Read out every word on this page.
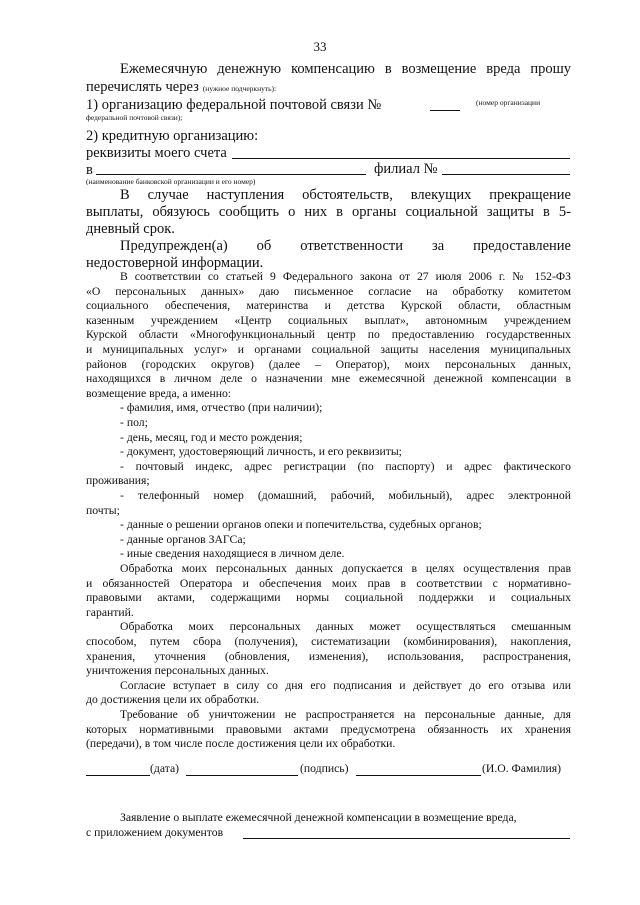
33
Ежемесячную денежную компенсацию в возмещение вреда прошу
перечислять через (нужное подчеркнуть):
1) организацию федеральной почтовой связи №	(номер организации
федеральной почтовой связи);
2) кредитную организацию:
реквизиты моего счета
в	филиал №
(наименование банковской организации и его номер)
В случае наступления обстоятельств, влекущих прекращение
выплаты, обязуюсь сообщить о них в органы социальной защиты в 5-
дневный срок.
Предупрежден(а) об ответственности за предоставление
недостоверной информации.
В соответствии со статьей 9 Федерального закона от 27 июля 2006 г. № 152-ФЗ
«О персональных данных» даю письменное согласие на обработку комитетом
социального обеспечения, материнства и детства Курской области, областным
казенным учреждением «Центр социальных выплат», автономным учреждением
Курской области «Многофункциональный центр по предоставлению государственных
и муниципальных услуг» и органами социальной защиты населения муниципальных
районов (городских округов) (далее – Оператор), моих персональных данных,
находящихся в личном деле о назначении мне ежемесячной денежной компенсации в
возмещение вреда, а именно:
- фамилия, имя, отчество (при наличии);
- пол;
- день, месяц, год и место рождения;
- документ, удостоверяющий личность, и его реквизиты;
- почтовый индекс, адрес регистрации (по паспорту) и адрес фактического
проживания;
- телефонный номер (домашний, рабочий, мобильный), адрес электронной
почты;
- данные о решении органов опеки и попечительства, судебных органов;
- данные органов ЗАГСа;
- иные сведения находящиеся в личном деле.
Обработка моих персональных данных допускается в целях осуществления прав
и обязанностей Оператора и обеспечения моих прав в соответствии с нормативно-
правовыми актами, содержащими нормы социальной поддержки и социальных
гарантий.
Обработка моих персональных данных может осуществляться смешанным
способом, путем сбора (получения), систематизации (комбинирования), накопления,
хранения, уточнения (обновления, изменения), использования, распространения,
уничтожения персональных данных.
Согласие вступает в силу со дня его подписания и действует до его отзыва или
до достижения цели их обработки.
Требование об уничтожении не распространяется на персональные данные, для
которых нормативными правовыми актами предусмотрена обязанность их хранения
(передачи), в том числе после достижения цели их обработки.
(дата)	(подпись)	(И.О. Фамилия)
Заявление о выплате ежемесячной денежной компенсации в возмещение вреда,
с приложением документов
